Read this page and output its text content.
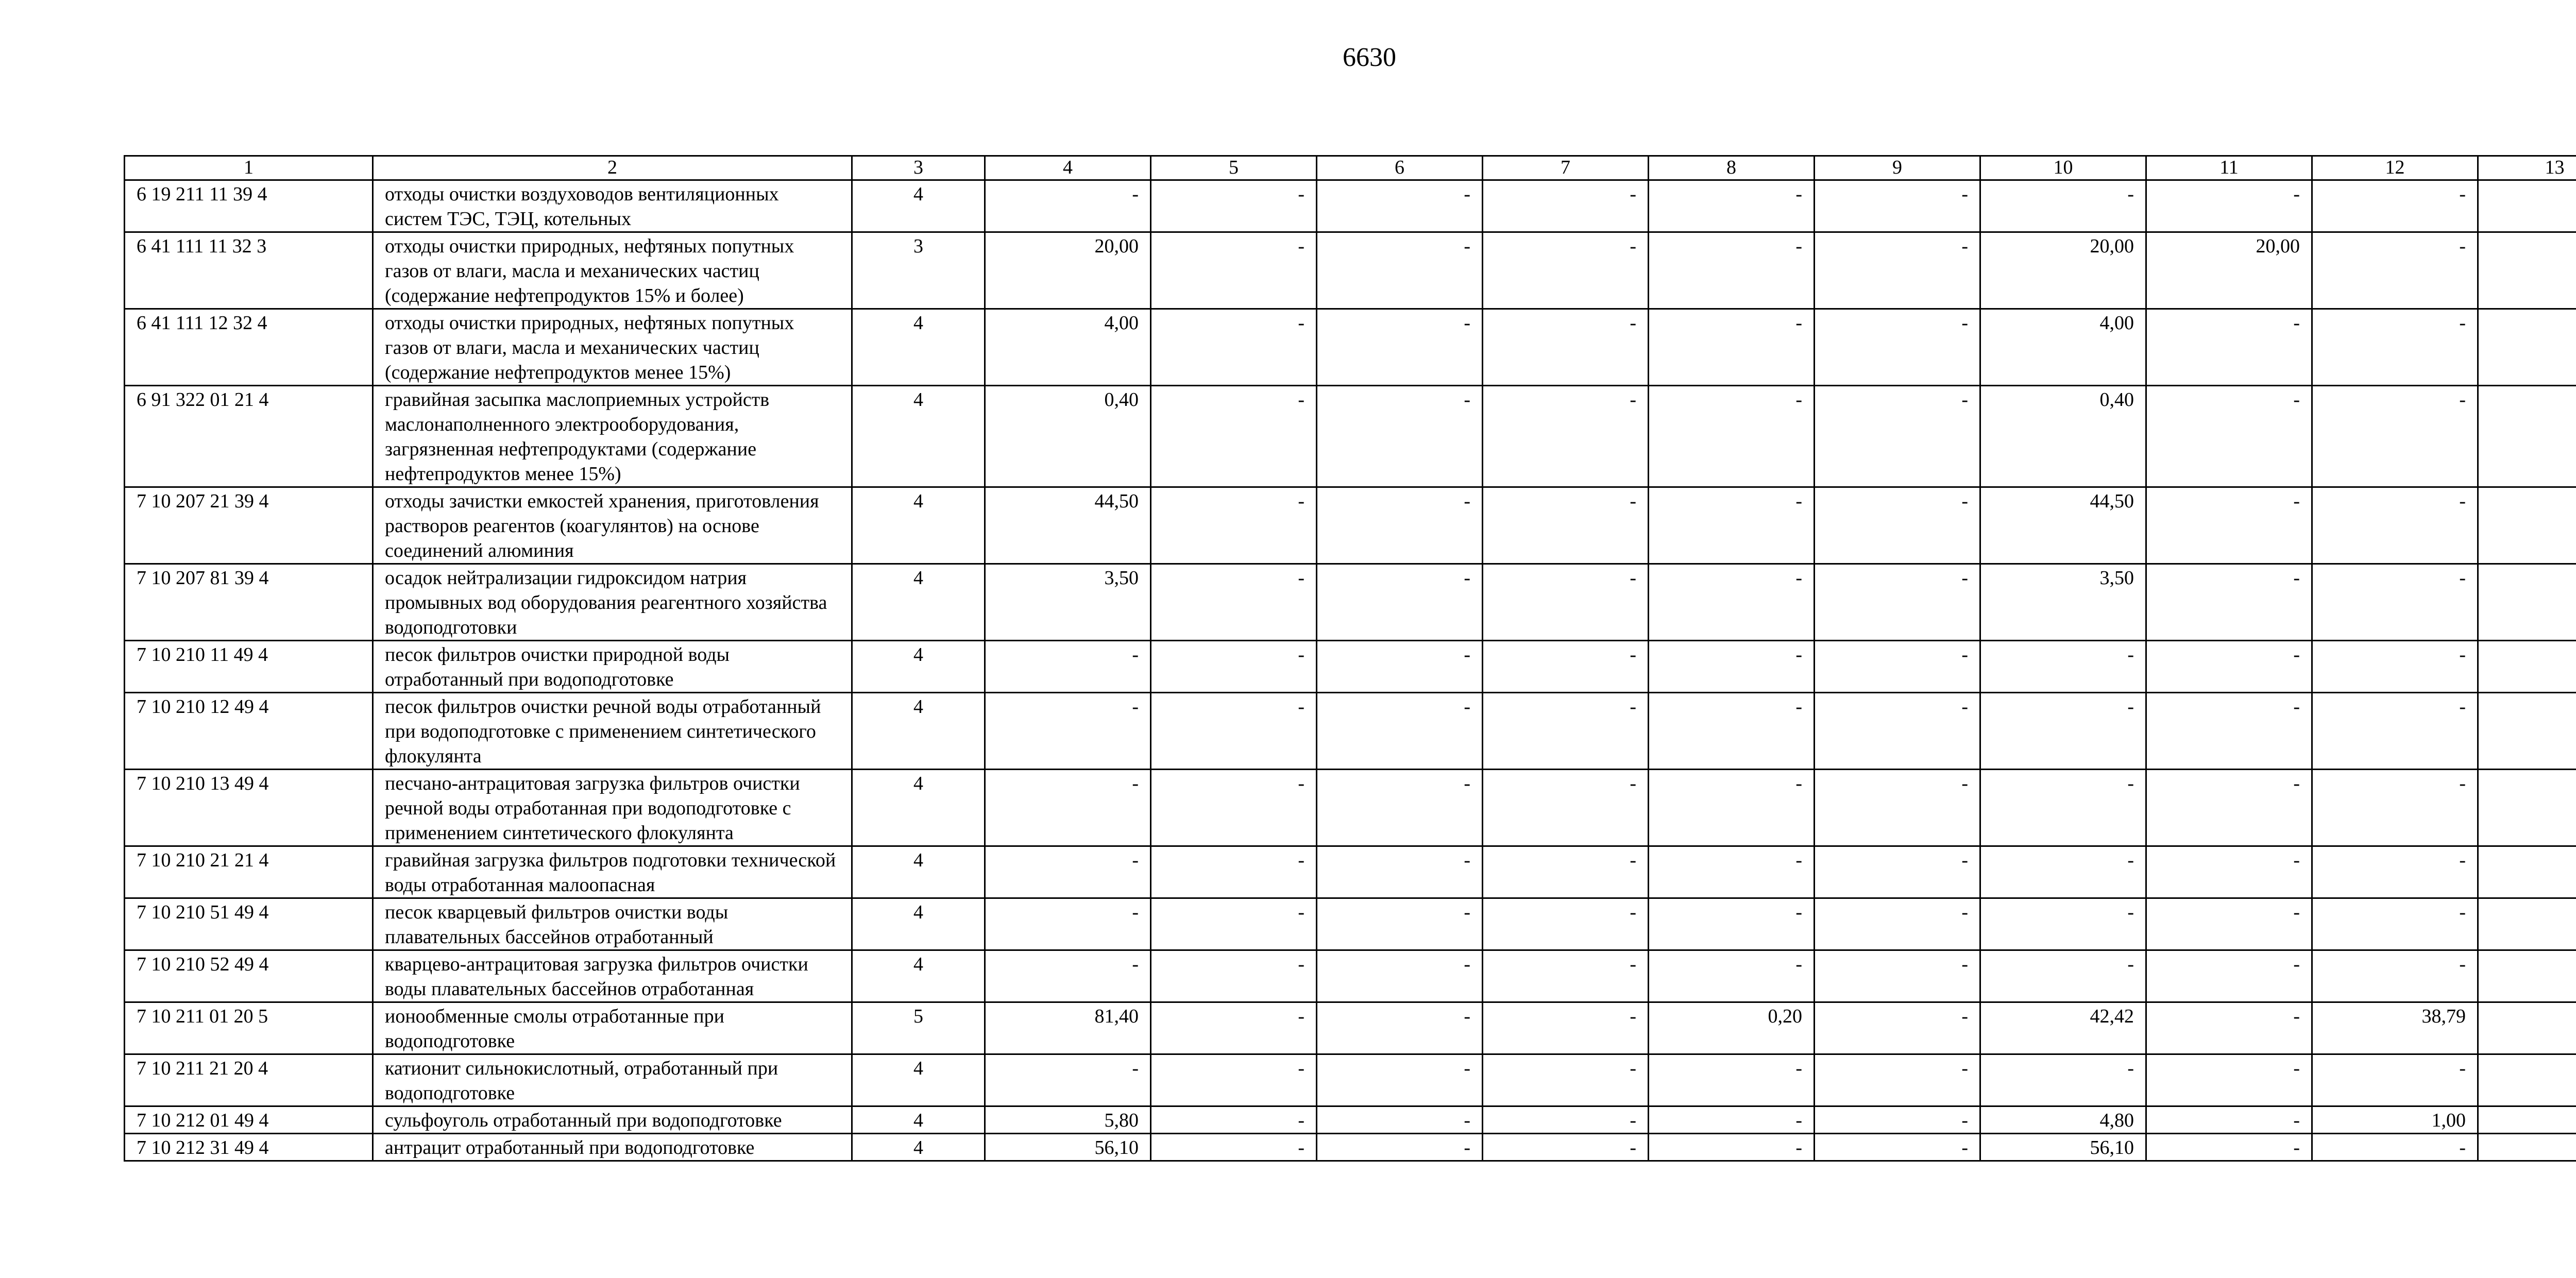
6630
1	2	3	4	5	6	7	8	9	10	11	12	13
6 19 211 11 39 4	отходы очистки воздуховодов вентиляционных систем ТЭС, ТЭЦ, котельных	4	-	-	-	-	-	-	-	-	-	
6 41 111 11 32 3	отходы очистки природных, нефтяных попутных газов от влаги, масла и механических частиц (содержание нефтепродуктов 15% и более)	3	20,00	-	-	-	-	-	20,00	20,00	-	
6 41 111 12 32 4	отходы очистки природных, нефтяных попутных газов от влаги, масла и механических частиц (содержание нефтепродуктов менее 15%)	4	4,00	-	-	-	-	-	4,00	-	-	
6 91 322 01 21 4	гравийная засыпка маслоприемных устройств маслонаполненного электрооборудования, загрязненная нефтепродуктами (содержание нефтепродуктов менее 15%)	4	0,40	-	-	-	-	-	0,40	-	-	
7 10 207 21 39 4	отходы зачистки емкостей хранения, приготовления растворов реагентов (коагулянтов) на основе соединений алюминия	4	44,50	-	-	-	-	-	44,50	-	-	
7 10 207 81 39 4	осадок нейтрализации гидроксидом натрия промывных вод оборудования реагентного хозяйства водоподготовки	4	3,50	-	-	-	-	-	3,50	-	-	
7 10 210 11 49 4	песок фильтров очистки природной воды отработанный при водоподготовке	4	-	-	-	-	-	-	-	-	-	
7 10 210 12 49 4	песок фильтров очистки речной воды отработанный при водоподготовке с применением синтетического флокулянта	4	-	-	-	-	-	-	-	-	-	
7 10 210 13 49 4	песчано-антрацитовая загрузка фильтров очистки речной воды отработанная при водоподготовке с применением синтетического флокулянта	4	-	-	-	-	-	-	-	-	-	
7 10 210 21 21 4	гравийная загрузка фильтров подготовки технической воды отработанная малоопасная	4	-	-	-	-	-	-	-	-	-	
7 10 210 51 49 4	песок кварцевый фильтров очистки воды плавательных бассейнов отработанный	4	-	-	-	-	-	-	-	-	-	
7 10 210 52 49 4	кварцево-антрацитовая загрузка фильтров очистки воды плавательных бассейнов отработанная	4	-	-	-	-	-	-	-	-	-	
7 10 211 01 20 5	ионообменные смолы отработанные при водоподготовке	5	81,40	-	-	-	0,20	-	42,42	-	38,79	
7 10 211 21 20 4	катионит сильнокислотный, отработанный при водоподготовке	4	-	-	-	-	-	-	-	-	-	
7 10 212 01 49 4	сульфоуголь отработанный при водоподготовке	4	5,80	-	-	-	-	-	4,80	-	1,00	
7 10 212 31 49 4	антрацит отработанный при водоподготовке	4	56,10	-	-	-	-	-	56,10	-	-	
